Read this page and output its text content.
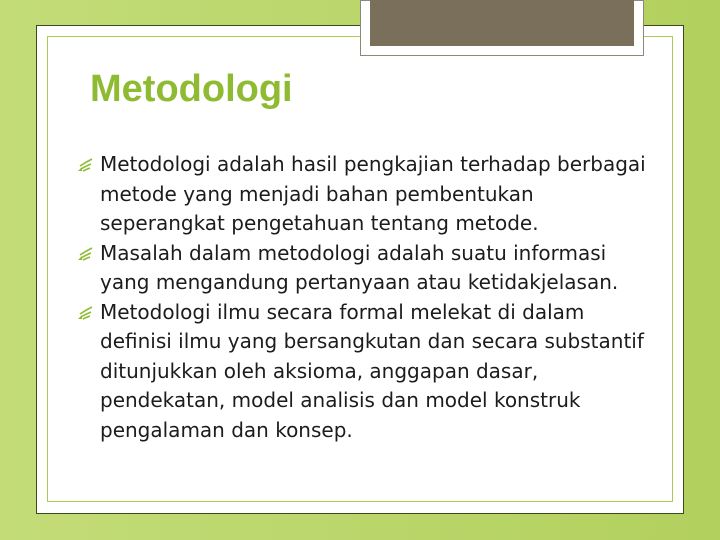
Metodologi
Metodologi adalah hasil pengkajian terhadap berbagai metode yang menjadi bahan pembentukan seperangkat pengetahuan tentang metode.
Masalah dalam metodologi adalah suatu informasi yang mengandung pertanyaan atau ketidakjelasan.
Metodologi ilmu secara formal melekat di dalam definisi ilmu yang bersangkutan dan secara substantif ditunjukkan oleh aksioma, anggapan dasar, pendekatan, model analisis dan model konstruk pengalaman dan konsep.
